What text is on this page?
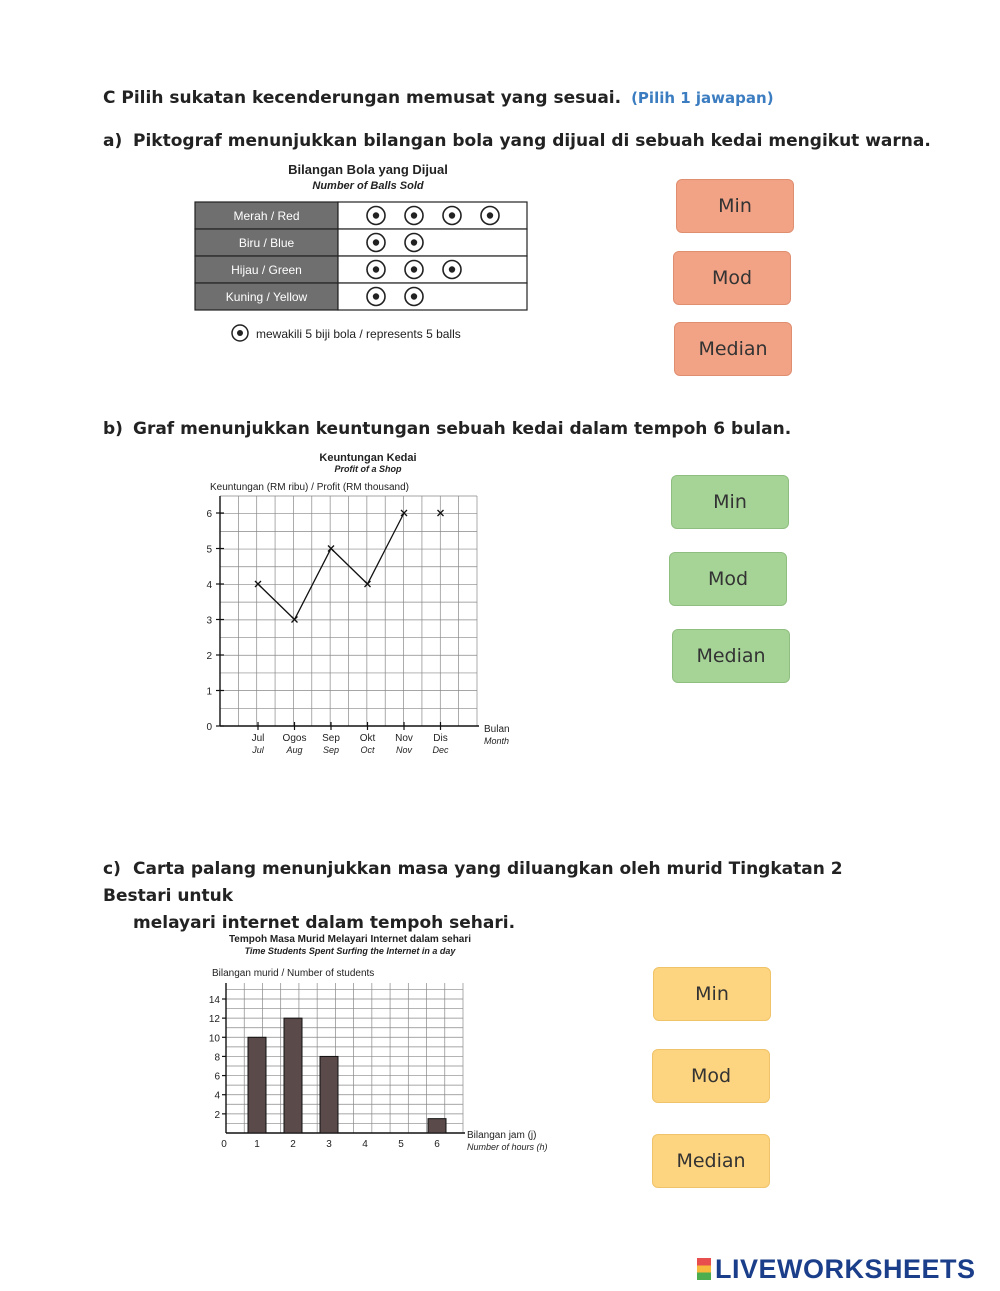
C Pilih sukatan kecenderungan memusat yang sesuai. (Pilih 1 jawapan)
a) Piktograf menunjukkan bilangan bola yang dijual di sebuah kedai mengikut warna.
Bilangan Bola yang Dijual
Number of Balls Sold
Merah / Red
Biru / Blue
Hijau / Green
Kuning / Yellow
mewakili 5 biji bola / represents 5 balls
Min
Mod
Median
b) Graf menunjukkan keuntungan sebuah kedai dalam tempoh 6 bulan.
Keuntungan Kedai
Profit of a Shop
Keuntungan (RM ribu) / Profit (RM thousand)
0
1
2
3
4
5
6
Jul
Jul
Ogos
Aug
Sep
Sep
Okt
Oct
Nov
Nov
Dis
Dec
Bulan
Month
Min
Mod
Median
c) Carta palang menunjukkan masa yang diluangkan oleh murid Tingkatan 2 Bestari untuk
melayari internet dalam tempoh sehari.
Tempoh Masa Murid Melayari Internet dalam sehari
Time Students Spent Surfing the Internet in a day
Bilangan murid / Number of students
2
4
6
8
10
12
14
0	1	2	3	4	5	6
Bilangan jam (j)
Number of hours (h)
Min
Mod
Median
LIVEWORKSHEETS
